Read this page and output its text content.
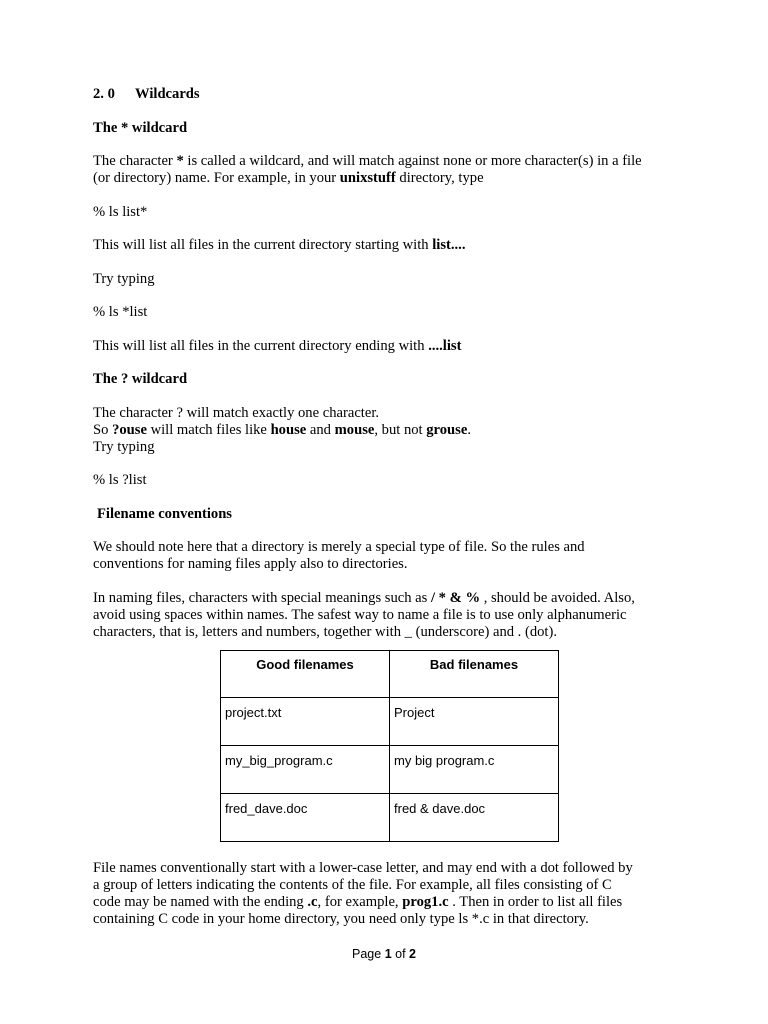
2. 0 Wildcards

The * wildcard

The character * is called a wildcard, and will match against none or more character(s) in a file
(or directory) name. For example, in your unixstuff directory, type

% ls list*

This will list all files in the current directory starting with list....

Try typing

% ls *list

This will list all files in the current directory ending with ....list

The ? wildcard

The character ? will match exactly one character.
So ?ouse will match files like house and mouse, but not grouse.
Try typing

% ls ?list

Filename conventions

We should note here that a directory is merely a special type of file. So the rules and
conventions for naming files apply also to directories.

In naming files, characters with special meanings such as / * & % , should be avoided. Also,
avoid using spaces within names. The safest way to name a file is to use only alphanumeric
characters, that is, letters and numbers, together with _ (underscore) and . (dot).

Good filenames	Bad filenames
project.txt	Project
my_big_program.c	my big program.c
fred_dave.doc	fred & dave.doc

File names conventionally start with a lower-case letter, and may end with a dot followed by
a group of letters indicating the contents of the file. For example, all files consisting of C
code may be named with the ending .c, for example, prog1.c . Then in order to list all files
containing C code in your home directory, you need only type ls *.c in that directory.

Page 1 of 2
